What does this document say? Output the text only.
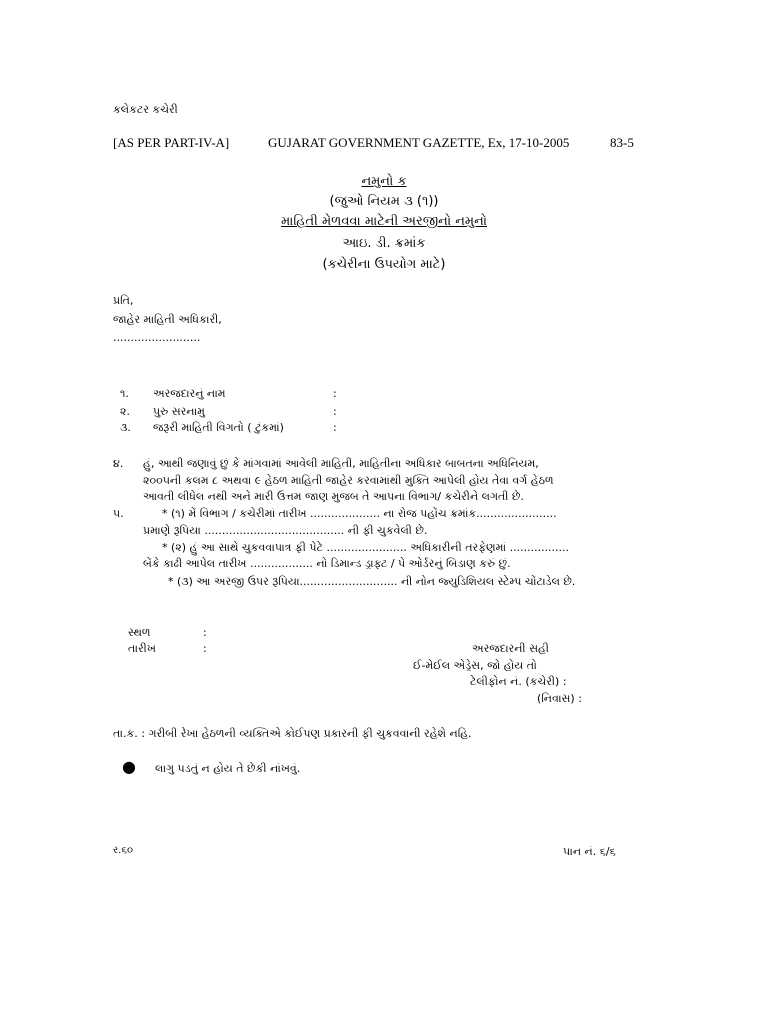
કલેકટર કચેરી
[AS PER PART-IV-A]	GUJARAT GOVERNMENT GAZETTE, Ex, 17-10-2005	83-5
નમુનો ક
(જુઓ નિયમ ૩ (૧))
માહિતી મેળવવા માટેની અરજીનો નમુનો
આઇ. ડી. ક્રમાંક
(કચેરીના ઉપયોગ માટે)
પ્રતિ,
જાહેર માહિતી અધિકારી,
.........................
૧. અરજદારનું નામ	:
૨. પુરુ સરનામુ	:
૩. જરૂરી માહિતી વિગતો ( ટુંકમાં)	:
૪. હું, આથી જણાવું છું કે માંગવામાં આવેલી માહિતી, માહિતીના અધિકાર બાબતના અધિનિયમ,
૨૦૦૫ની કલમ ૮ અથવા ૯ હેઠળ માહિતી જાહેર કરવામાંથી મુક્તિ આપેલી હોય તેવા વર્ગ હેઠળ
આવતી લીધેલ નથી અને મારી ઉત્તમ જાણ મુજબ તે આપના વિભાગ/ કચેરીને લગતી છે.
૫.	* (૧) મેં વિભાગ / કચેરીમાં તારીખ .................... ના રોજ પહોંચ ક્રમાંક.......................
પ્રમાણે રૂપિયા ........................................ ની ફી ચુકવેલી છે.
* (૨) હું આ સાથે ચુકવવાપાત્ર ફી પેટે ....................... અધિકારીની તરફેણમાં .................
બેંકે કાઢી આપેલ તારીખ .................. નો ડિમાન્ડ ડ્રાફ્ટ / પે ઓર્ડરનું બિડાણ કરું છું.
* (૩) આ અરજી ઉપર રૂપિયા............................ ની નોન જ્યુડિશિયલ સ્ટેમ્પ ચોંટાડેલ છે.
સ્થળ	:
તારીખ	:	અરજદારની સહી
ઈ-મેઈલ એડ્રેસ, જો હોય તો
ટેલીફોન નં. (કચેરી) :
(નિવાસ) :
તા.ક. : ગરીબી રેખા હેઠળની વ્યક્તિએ કોઈપણ પ્રકારની ફી ચુકવવાની રહેશે નહિ.
● લાગુ પડતું ન હોય તે છેકી નાંખવું.
ર.૬૦	પાન નં. ૬/૬
